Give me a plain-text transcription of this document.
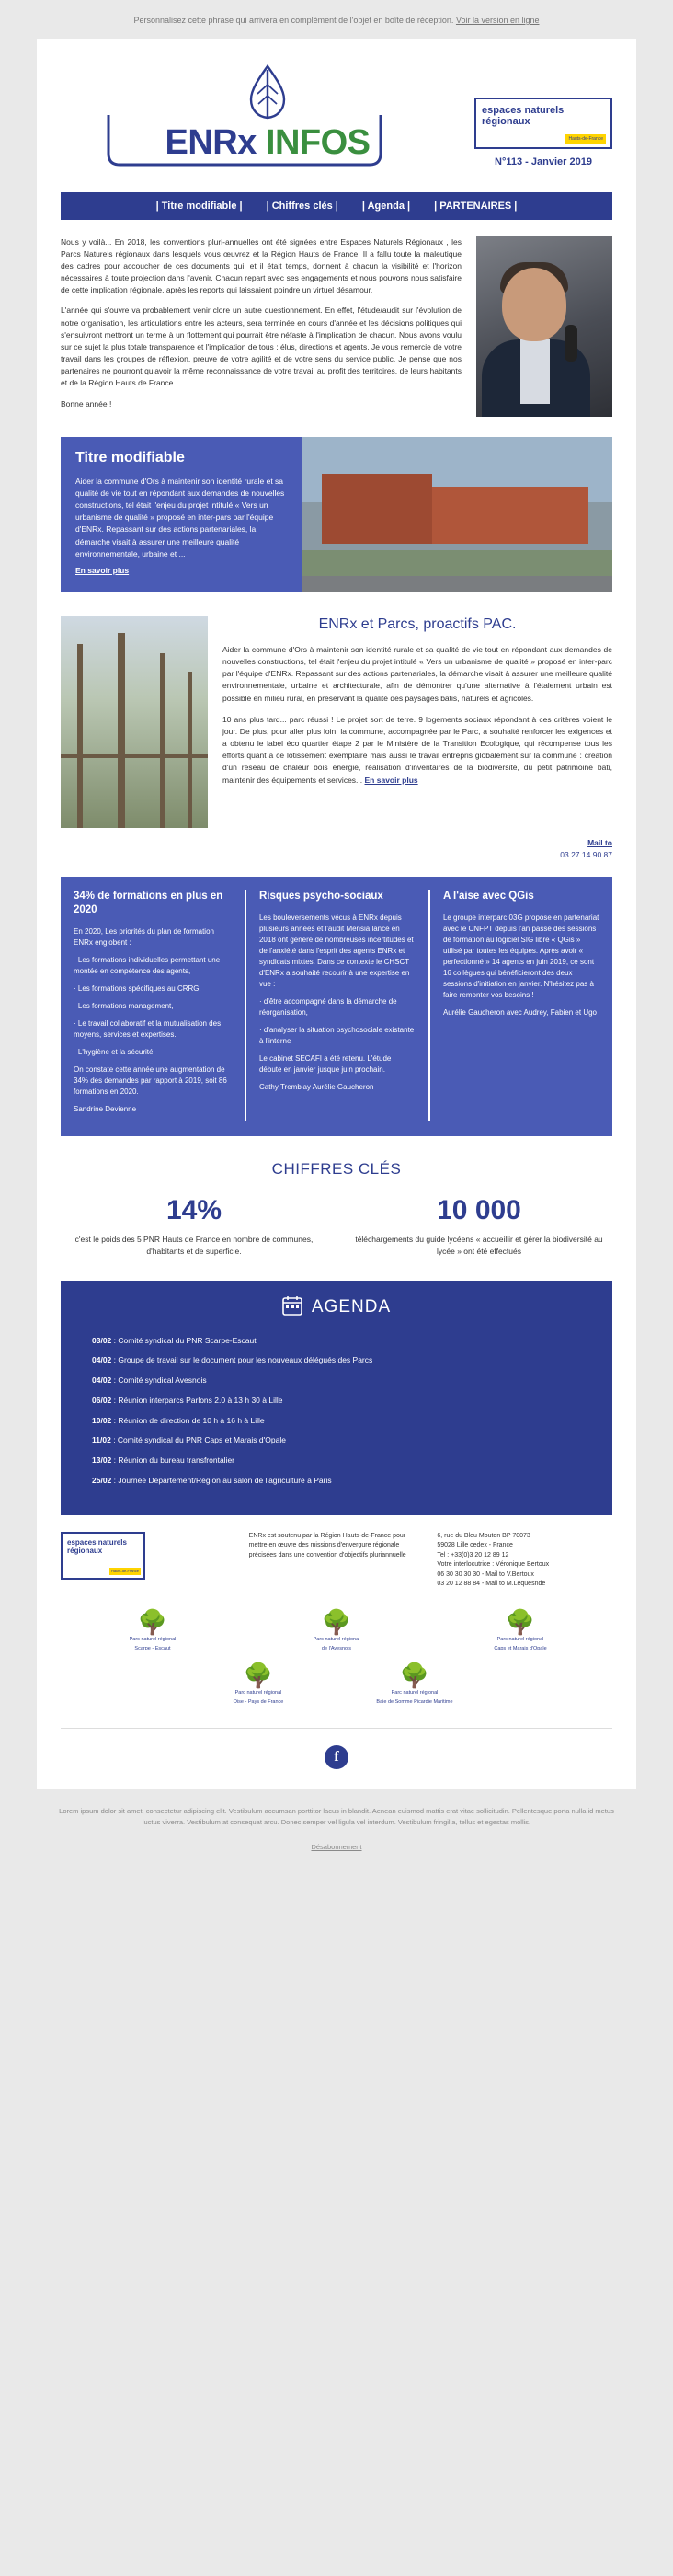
Personnalisez cette phrase qui arrivera en complément de l'objet en boîte de réception. Voir la version en ligne
ENRx INFOS
espaces naturels régionaux
Hauts-de-France
N°113 - Janvier 2019
| Titre modifiable | | Chiffres clés | | Agenda | | PARTENAIRES |

Nous y voilà... En 2018, les conventions pluri-annuelles ont été signées entre Espaces Naturels Régionaux , les Parcs Naturels régionaux dans lesquels vous œuvrez et la Région Hauts de France. Il a fallu toute la maleutique des cadres pour accoucher de ces documents qui, et il était temps, donnent à chacun la visibilité et l'horizon nécessaires à toute projection dans l'avenir. Chacun repart avec ses engagements et nous pouvons nous satisfaire de cette implication régionale, après les reports qui laissaient poindre un virtuel désamour.

L'année qui s'ouvre va probablement venir clore un autre questionnement. En effet, l'étude/audit sur l'évolution de notre organisation, les articulations entre les acteurs, sera terminée en cours d'année et les décisions politiques qui s'ensuivront mettront un terme à un flottement qui pourrait être néfaste à l'implication de chacun. Nous avons voulu sur ce sujet la plus totale transparence et l'implication de tous : élus, directions et agents. Je vous remercie de votre travail dans les groupes de réflexion, preuve de votre agilité et de votre sens du service public. Je pense que nos partenaires ne pourront qu'avoir la même reconnaissance de votre travail au profit des territoires, de leurs habitants et de la Région Hauts de France.

Bonne année !

Titre modifiable

Aider la commune d'Ors à maintenir son identité rurale et sa qualité de vie tout en répondant aux demandes de nouvelles constructions, tel était l'enjeu du projet intitulé « Vers un urbanisme de qualité » proposé en inter-pars par l'équipe d'ENRx. Repassant sur des actions partenariales, la démarche visait à assurer une meilleure qualité environnementale, urbaine et ...

En savoir plus
ENRx et Parcs, proactifs PAC.

Aider la commune d'Ors à maintenir son identité rurale et sa qualité de vie tout en répondant aux demandes de nouvelles constructions, tel était l'enjeu du projet intitulé « Vers un urbanisme de qualité » proposé en inter-parc par l'équipe d'ENRx. Repassant sur des actions partenariales, la démarche visait à assurer une meilleure qualité environnementale, urbaine et architecturale, afin de démontrer qu'une alternative à l'étalement urbain est possible en milieu rural, en préservant la qualité des paysages bâtis, naturels et agricoles.

10 ans plus tard... parc réussi ! Le projet sort de terre. 9 logements sociaux répondant à ces critères voient le jour. De plus, pour aller plus loin, la commune, accompagnée par le Parc, a souhaité renforcer les exigences et a obtenu le label éco quartier étape 2 par le Ministère de la Transition Ecologique, qui récompense tous les efforts quant à ce lotissement exemplaire mais aussi le travail entrepris globalement sur la commune : création d'un réseau de chaleur bois énergie, réalisation d'inventaires de la biodiversité, du petit patrimoine bâti, maintenir des équipements et services... En savoir plus

Mail to
03 27 14 90 87
34% de formations en plus en 2020

En 2020, Les priorités du plan de formation ENRx englobent :

· Les formations individuelles permettant une montée en compétence des agents,

· Les formations spécifiques au CRRG,

· Les formations management,

· Le travail collaboratif et la mutualisation des moyens, services et expertises.

· L'hygiène et la sécurité.

On constate cette année une augmentation de 34% des demandes par rapport à 2019, soit 86 formations en 2020.

Sandrine Devienne

Risques psycho-sociaux

Les bouleversements vécus à ENRx depuis plusieurs années et l'audit Mensia lancé en 2018 ont généré de nombreuses incertitudes et de l'anxiété dans l'esprit des agents ENRx et syndicats mixtes. Dans ce contexte le CHSCT d'ENRx a souhaité recourir à une expertise en vue :

· d'être accompagné dans la démarche de réorganisation,

· d'analyser la situation psychosociale existante à l'interne

Le cabinet SECAFI a été retenu. L'étude débute en janvier jusque juin prochain.

Cathy Tremblay Aurélie Gaucheron

A l'aise avec QGis

Le groupe interparc 03G propose en partenariat avec le CNFPT depuis l'an passé des sessions de formation au logiciel SIG libre « QGis » utilisé par toutes les équipes. Après avoir « perfectionné » 14 agents en juin 2019, ce sont 16 collègues qui bénéficieront des deux sessions d'initiation en janvier. N'hésitez pas à faire remonter vos besoins !

Aurélie Gaucheron avec Audrey, Fabien et Ugo

CHIFFRES CLÉS
14%
c'est le poids des 5 PNR Hauts de France en nombre de communes, d'habitants et de superficie.
10 000
téléchargements du guide lycéens « accueillir et gérer la biodiversité au lycée » ont été effectués
AGENDA
03/02 : Comité syndical du PNR Scarpe-Escaut
04/02 : Groupe de travail sur le document pour les nouveaux délégués des Parcs
04/02 : Comité syndical Avesnois
06/02 : Réunion interparcs Parlons 2.0 à 13 h 30 à Lille
10/02 : Réunion de direction de 10 h à 16 h à Lille
11/02 : Comité syndical du PNR Caps et Marais d'Opale
13/02 : Réunion du bureau transfrontalier
25/02 : Journée Département/Région au salon de l'agriculture à Paris
espaces naturels régionaux
Hauts-de-France
ENRx est soutenu par la Région Hauts-de-France pour mettre en œuvre des missions d'envergure régionale précisées dans une convention d'objectifs pluriannuelle
6, rue du Bleu Mouton BP 70073
59028 Lille cedex - France
Tel : +33(0)3 20 12 89 12
Votre interlocutrice : Véronique Bertoux
06 30 30 30 30 - Mail to V.Bertoux
03 20 12 88 84 - Mail to M.Lequesnde
🌳
Parc naturel régional
Scarpe - Escaut
🌳
Parc naturel régional
de l'Avesnois
🌳
Parc naturel régional
Caps et Marais d'Opale
🌳
Parc naturel régional
Oise - Pays de France
🌳
Parc naturel régional
Baie de Somme Picardie Maritime
f
Lorem ipsum dolor sit amet, consectetur adipiscing elit. Vestibulum accumsan porttitor lacus in blandit. Aenean euismod mattis erat vitae sollicitudin. Pellentesque porta nulla id metus luctus viverra. Vestibulum at consequat arcu. Donec semper vel ligula vel interdum. Vestibulum fringilla, tellus et egestas mollis.
Désabonnement
